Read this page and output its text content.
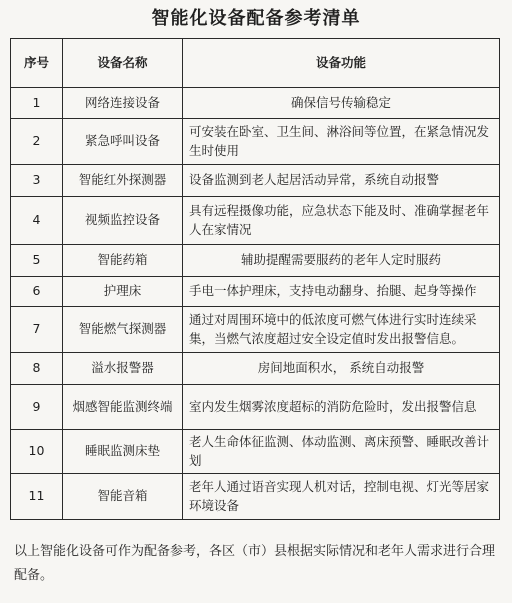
智能化设备配备参考清单
序号	设备名称	设备功能
1	网络连接设备	确保信号传输稳定
2	紧急呼叫设备	可安装在卧室、卫生间、淋浴间等位置，在紧急情况发生时使用
3	智能红外探测器	设备监测到老人起居活动异常，系统自动报警
4	视频监控设备	具有远程摄像功能，应急状态下能及时、准确掌握老年人在家情况
5	智能药箱	辅助提醒需要服药的老年人定时服药
6	护理床	手电一体护理床，支持电动翻身、抬腿、起身等操作
7	智能燃气探测器	通过对周围环境中的低浓度可燃气体进行实时连续采集，当燃气浓度超过安全设定值时发出报警信息。
8	溢水报警器	房间地面积水， 系统自动报警
9	烟感智能监测终端	室内发生烟雾浓度超标的消防危险时，发出报警信息
10	睡眠监测床垫	老人生命体征监测、体动监测、离床预警、睡眠改善计划
11	智能音箱	老年人通过语音实现人机对话，控制电视、灯光等居家环境设备
以上智能化设备可作为配备参考，各区（市）县根据实际情况和老年人需求进行合理配备。
